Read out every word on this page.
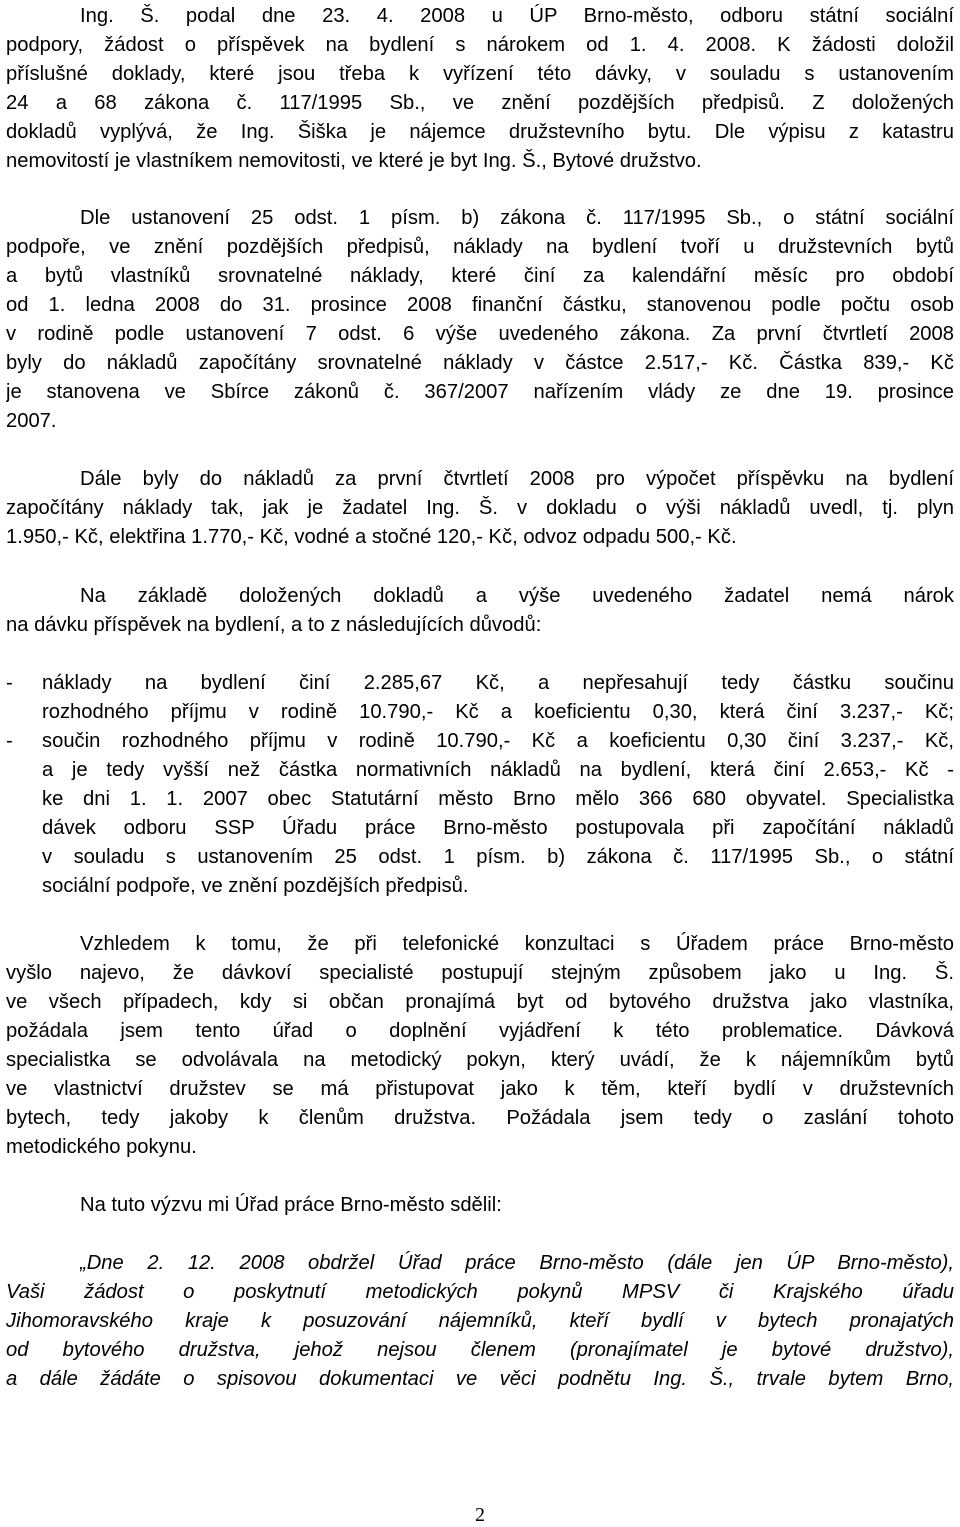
Ing. Š. podal dne 23. 4. 2008 u ÚP Brno-město, odboru státní sociální
podpory, žádost o příspěvek na bydlení s nárokem od 1. 4. 2008. K žádosti doložil
příslušné doklady, které jsou třeba k vyřízení této dávky, v souladu s ustanovením
24 a 68 zákona č. 117/1995 Sb., ve znění pozdějších předpisů. Z doložených
dokladů vyplývá, že Ing. Šiška je nájemce družstevního bytu. Dle výpisu z katastru
nemovitostí je vlastníkem nemovitosti, ve které je byt Ing. Š., Bytové družstvo.
Dle ustanovení 25 odst. 1 písm. b) zákona č. 117/1995 Sb., o státní sociální
podpoře, ve znění pozdějších předpisů, náklady na bydlení tvoří u družstevních bytů
a bytů vlastníků srovnatelné náklady, které činí za kalendářní měsíc pro období
od 1. ledna 2008 do 31. prosince 2008 finanční částku, stanovenou podle počtu osob
v rodině podle ustanovení 7 odst. 6 výše uvedeného zákona. Za první čtvrtletí 2008
byly do nákladů započítány srovnatelné náklady v částce 2.517,- Kč. Částka 839,- Kč
je stanovena ve Sbírce zákonů č. 367/2007 nařízením vlády ze dne 19. prosince
2007.
Dále byly do nákladů za první čtvrtletí 2008 pro výpočet příspěvku na bydlení
započítány náklady tak, jak je žadatel Ing. Š. v dokladu o výši nákladů uvedl, tj. plyn
1.950,- Kč, elektřina 1.770,- Kč, vodné a stočné 120,- Kč, odvoz odpadu 500,- Kč.
Na základě doložených dokladů a výše uvedeného žadatel nemá nárok
na dávku příspěvek na bydlení, a to z následujících důvodů:
-	náklady na bydlení činí 2.285,67 Kč, a nepřesahují tedy částku součinu
rozhodného příjmu v rodině 10.790,- Kč a koeficientu 0,30, která činí 3.237,- Kč;
-	součin rozhodného příjmu v rodině 10.790,- Kč a koeficientu 0,30 činí 3.237,- Kč,
a je tedy vyšší než částka normativních nákladů na bydlení, která činí 2.653,- Kč -
ke dni 1. 1. 2007 obec Statutární město Brno mělo 366 680 obyvatel. Specialistka
dávek odboru SSP Úřadu práce Brno-město postupovala při započítání nákladů
v souladu s ustanovením 25 odst. 1 písm. b) zákona č. 117/1995 Sb., o státní
sociální podpoře, ve znění pozdějších předpisů.
Vzhledem k tomu, že při telefonické konzultaci s Úřadem práce Brno-město
vyšlo najevo, že dávkoví specialisté postupují stejným způsobem jako u Ing. Š.
ve všech případech, kdy si občan pronajímá byt od bytového družstva jako vlastníka,
požádala jsem tento úřad o doplnění vyjádření k této problematice. Dávková
specialistka se odvolávala na metodický pokyn, který uvádí, že k nájemníkům bytů
ve vlastnictví družstev se má přistupovat jako k těm, kteří bydlí v družstevních
bytech, tedy jakoby k členům družstva. Požádala jsem tedy o zaslání tohoto
metodického pokynu.
Na tuto výzvu mi Úřad práce Brno-město sdělil:
„Dne 2. 12. 2008 obdržel Úřad práce Brno-město (dále jen ÚP Brno-město),
Vaši žádost o poskytnutí metodických pokynů MPSV či Krajského úřadu
Jihomoravského kraje k posuzování nájemníků, kteří bydlí v bytech pronajatých
od bytového družstva, jehož nejsou členem (pronajímatel je bytové družstvo),
a dále žádáte o spisovou dokumentaci ve věci podnětu Ing. Š., trvale bytem Brno,
2
